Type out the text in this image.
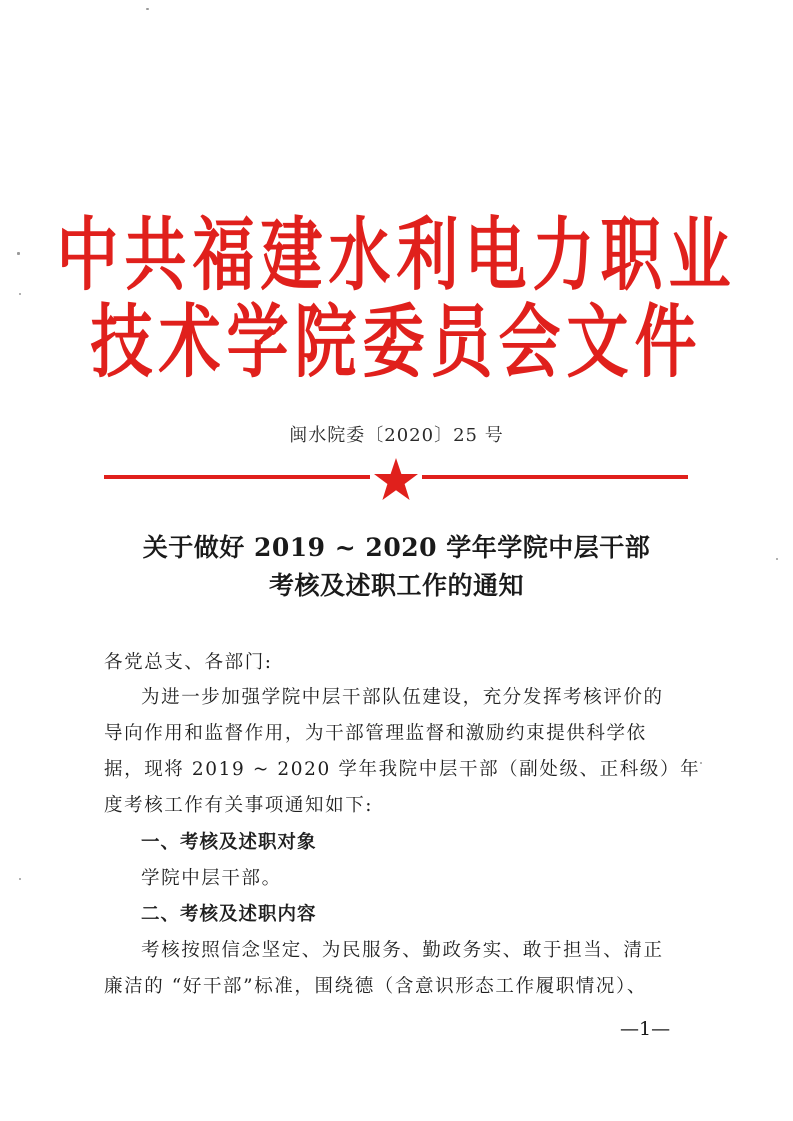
中共福建水利电力职业
技术学院委员会文件
闽水院委〔2020〕25 号
关于做好 2019 ~ 2020 学年学院中层干部
考核及述职工作的通知
各党总支、各部门:
为进一步加强学院中层干部队伍建设，充分发挥考核评价的
导向作用和监督作用，为干部管理监督和激励约束提供科学依
据，现将 2019 ~ 2020 学年我院中层干部（副处级、正科级）年
度考核工作有关事项通知如下:
一、考核及述职对象
学院中层干部。
二、考核及述职内容
考核按照信念坚定、为民服务、勤政务实、敢于担当、清正
廉洁的 “好干部”标准，围绕德（含意识形态工作履职情况）、
—1—
